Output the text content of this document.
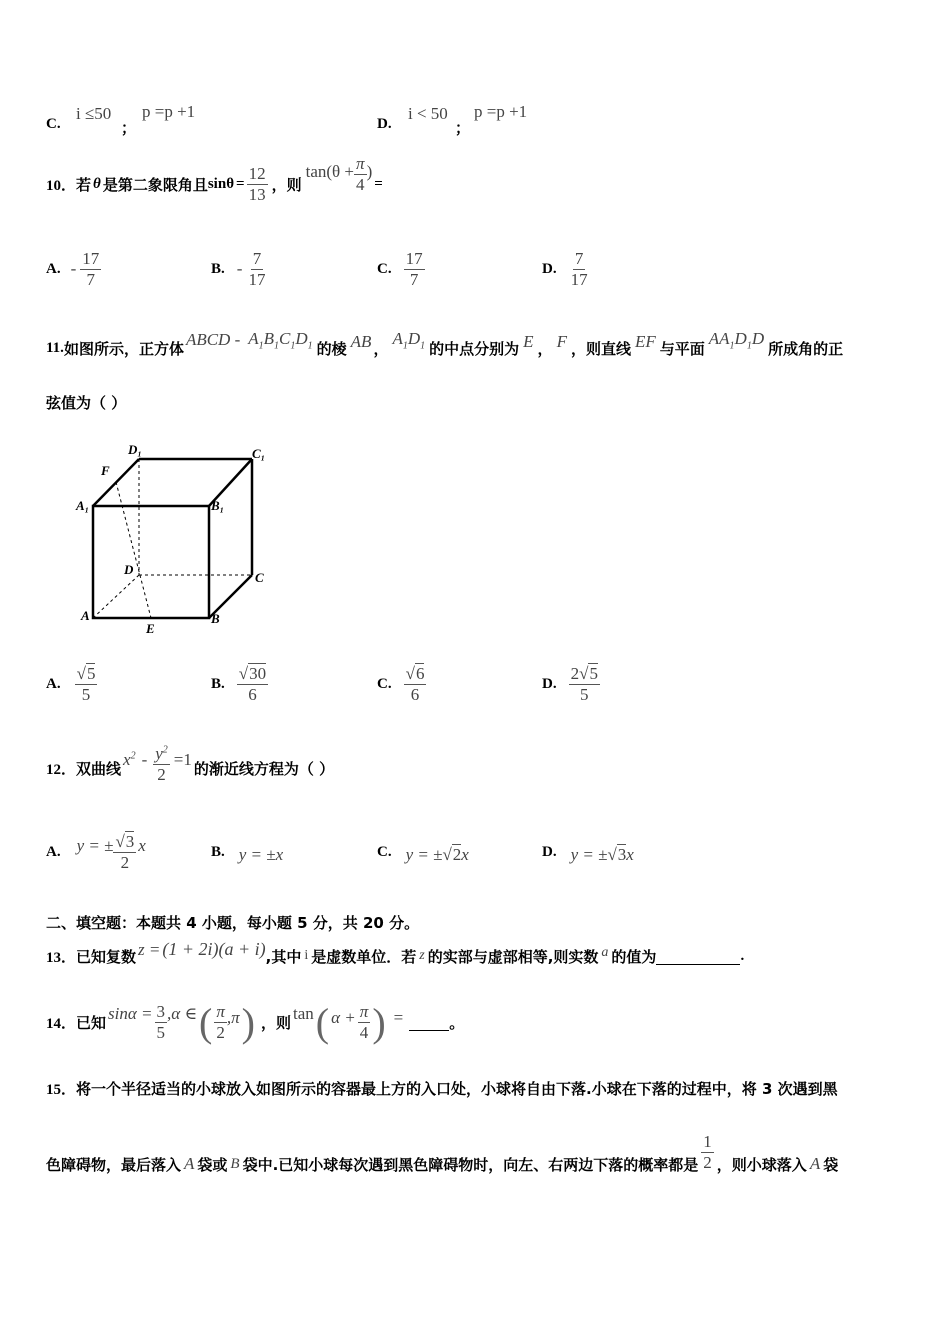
C.
i ≤50
；
p =p +1
D.
i < 50
；
p =p +1
10． 若 θ 是第二象限角且 $\sin\theta = \frac{12}{13}$ ，则
$\tan(\theta + \frac{\pi}{4}$ )
=
A. - $\frac{17}{7}$	B. - $\frac{7}{17}$	C. $\frac{17}{7}$	D. $\frac{7}{17}$
11. 如图所示，正方体 ABCD - $A_1B_1C_1D_1$ 的棱 AB ，
$A_1D_1$ 的中点分别为 E ， F ，则直线 EF 与平面
$AA_1D_1D$
所成角的正
弦值为（ ）
D₁	C₁
F
A₁	B₁
D
C
A
E
B
A. $\frac{√5}{5}$	B. $\frac{√30}{6}$	C. $\frac{√6}{6}$	D. $\frac{2√5}{5}$
12． 双曲线 $x^2 - \frac{y^2}{2} =1$ 的渐近线方程为（ ）
A. y = ± $\frac{√3}{2}$ x	B. y = ±x	C. y = ±√2x	D. y = ±√3x
二、填空题：本题共 4 小题，每小题 5 分，共 20 分。
13． 已知复数 z = (1 + 2i)(a + i) ,其中 i 是虚数单位．若 z 的实部与虚部相等,则实数 a 的值为	.
14． 已知 $\sin\alpha = \frac{3}{5} ,\alpha$ ∈ ( $\frac{\pi}{2} ,\pi$ ) ，则 tan ( $\alpha + \frac{\pi}{4}$ ) =	。
15．将一个半径适当的小球放入如图所示的容器最上方的入口处，小球将自由下落.小球在下落的过程中，将 3 次遇到黑
色障碍物，最后落入 A 袋或 B 袋中.已知小球每次遇到黑色障碍物时，向左、右两边下落的概率都是 $\frac{1}{2}$ ，则小球落入 A 袋
